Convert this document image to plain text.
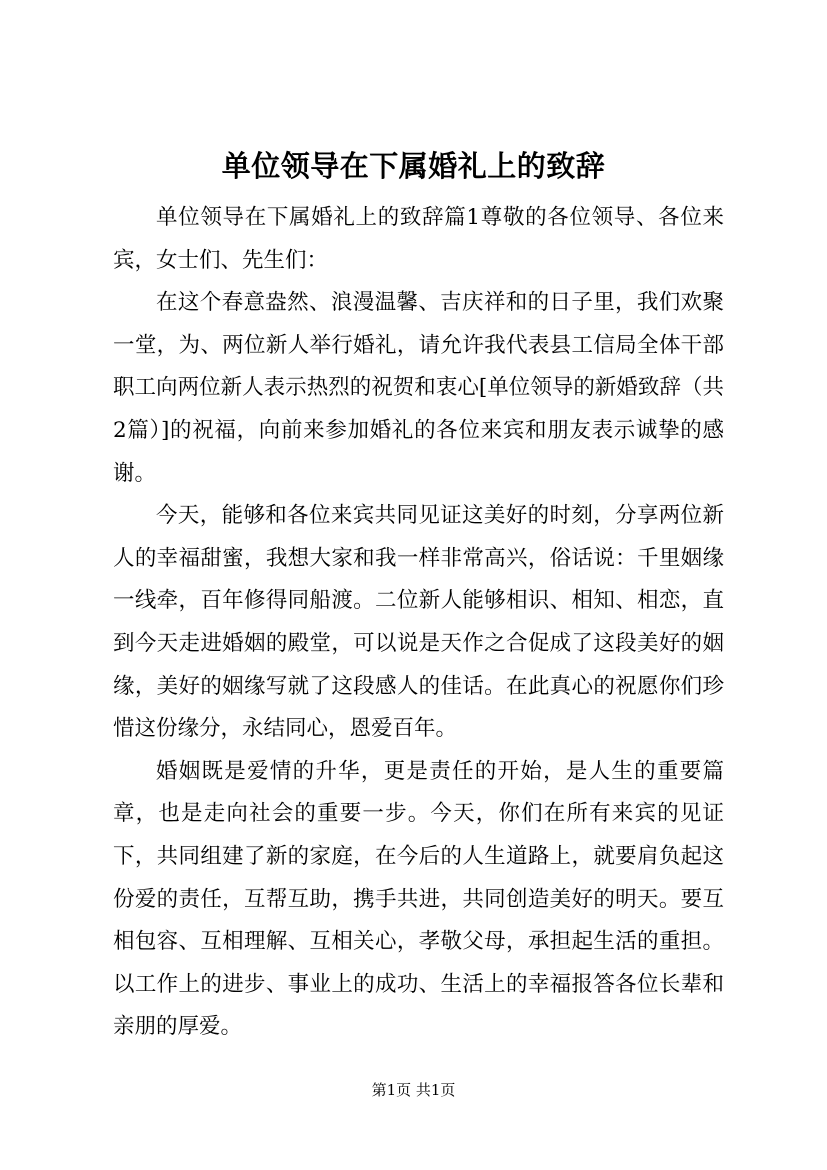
单位领导在下属婚礼上的致辞

单位领导在下属婚礼上的致辞篇1尊敬的各位领导、各位来宾，女士们、先生们：

在这个春意盎然、浪漫温馨、吉庆祥和的日子里，我们欢聚一堂，为、两位新人举行婚礼，请允许我代表县工信局全体干部职工向两位新人表示热烈的祝贺和衷心[单位领导的新婚致辞（共2篇）]的祝福，向前来参加婚礼的各位来宾和朋友表示诚挚的感谢。

今天，能够和各位来宾共同见证这美好的时刻，分享两位新人的幸福甜蜜，我想大家和我一样非常高兴，俗话说：千里姻缘一线牵，百年修得同船渡。二位新人能够相识、相知、相恋，直到今天走进婚姻的殿堂，可以说是天作之合促成了这段美好的姻缘，美好的姻缘写就了这段感人的佳话。在此真心的祝愿你们珍惜这份缘分，永结同心，恩爱百年。

婚姻既是爱情的升华，更是责任的开始，是人生的重要篇章，也是走向社会的重要一步。今天，你们在所有来宾的见证下，共同组建了新的家庭，在今后的人生道路上，就要肩负起这份爱的责任，互帮互助，携手共进，共同创造美好的明天。要互相包容、互相理解、互相关心，孝敬父母，承担起生活的重担。以工作上的进步、事业上的成功、生活上的幸福报答各位长辈和亲朋的厚爱。

第1页 共1页
